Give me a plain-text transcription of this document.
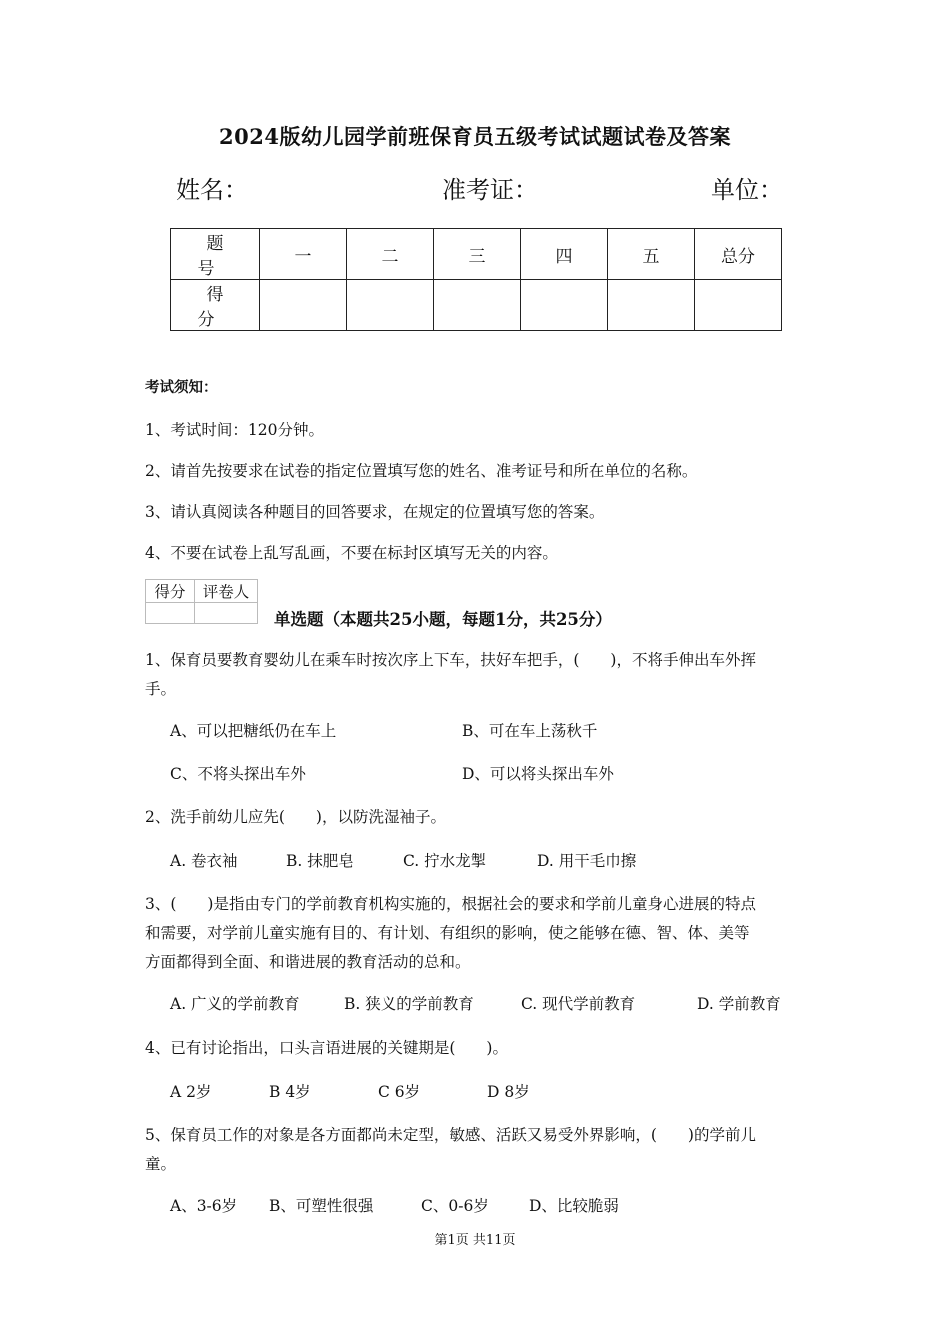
2024版幼儿园学前班保育员五级考试试题试卷及答案
姓名：	准考证：	单位：
题　号	一	二	三	四	五	总分
得　分						
考试须知：
1、考试时间：120分钟。
2、请首先按要求在试卷的指定位置填写您的姓名、准考证号和所在单位的名称。
3、请认真阅读各种题目的回答要求，在规定的位置填写您的答案。
4、不要在试卷上乱写乱画，不要在标封区填写无关的内容。
得分	评卷人

单选题（本题共25小题，每题1分，共25分）
1、保育员要教育婴幼儿在乘车时按次序上下车，扶好车把手，(　　)，不将手伸出车外挥
手。
A、可以把糖纸仍在车上	B、可在车上荡秋千
C、不将头探出车外	D、可以将头探出车外
2、洗手前幼儿应先(　　)，以防洗湿袖子。
A. 卷衣袖	B. 抹肥皂	C. 拧水龙掣	D. 用干毛巾擦
3、(　　)是指由专门的学前教育机构实施的，根据社会的要求和学前儿童身心进展的特点
和需要，对学前儿童实施有目的、有计划、有组织的影响，使之能够在德、智、体、美等
方面都得到全面、和谐进展的教育活动的总和。
A. 广义的学前教育	B. 狭义的学前教育	C. 现代学前教育	D. 学前教育
4、已有讨论指出，口头言语进展的关键期是(　　)。
A 2岁	B 4岁	C 6岁	D 8岁
5、保育员工作的对象是各方面都尚未定型，敏感、活跃又易受外界影响，(　　)的学前儿
童。
A、3-6岁 B、可塑性很强	C、0-6岁	D、比较脆弱
第1页 共11页
